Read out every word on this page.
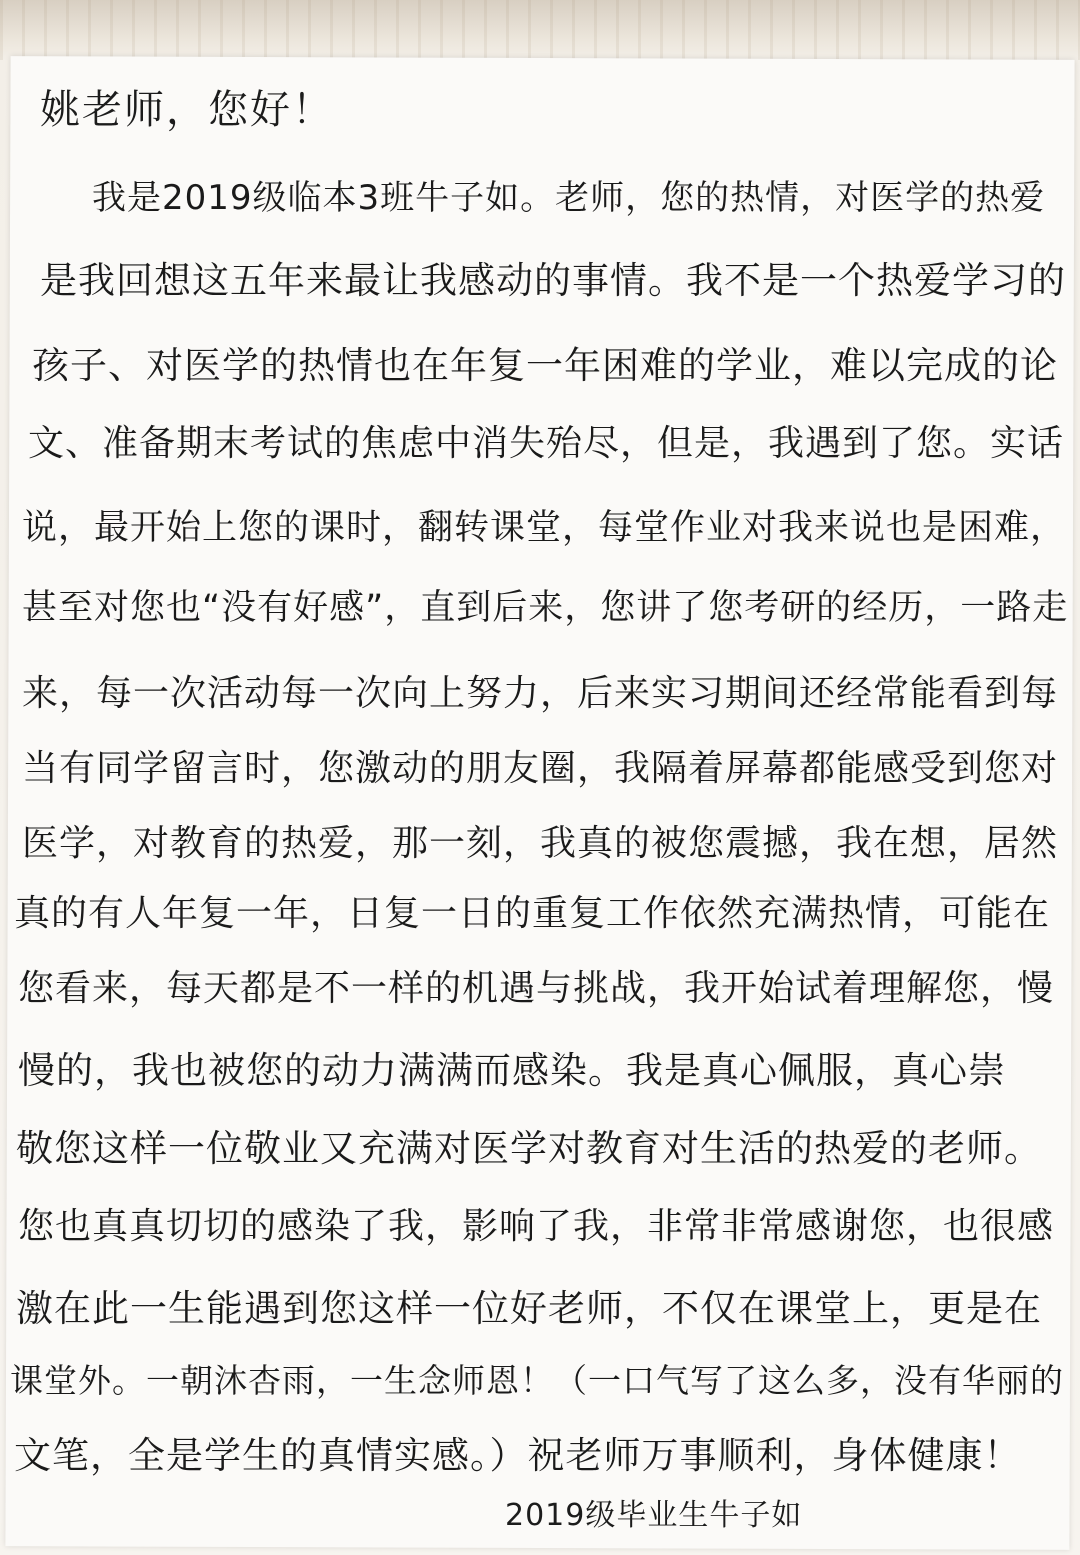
姚老师，您好！
我是2019级临本3班牛子如。老师，您的热情，对医学的热爱
是我回想这五年来最让我感动的事情。我不是一个热爱学习的
孩子、对医学的热情也在年复一年困难的学业，难以完成的论
文、准备期末考试的焦虑中消失殆尽，但是，我遇到了您。实话
说，最开始上您的课时，翻转课堂，每堂作业对我来说也是困难，
甚至对您也“没有好感”，直到后来，您讲了您考研的经历，一路走
来，每一次活动每一次向上努力，后来实习期间还经常能看到每
当有同学留言时，您激动的朋友圈，我隔着屏幕都能感受到您对
医学，对教育的热爱，那一刻，我真的被您震撼，我在想，居然
真的有人年复一年，日复一日的重复工作依然充满热情，可能在
您看来，每天都是不一样的机遇与挑战，我开始试着理解您，慢
慢的，我也被您的动力满满而感染。我是真心佩服，真心崇
敬您这样一位敬业又充满对医学对教育对生活的热爱的老师。
您也真真切切的感染了我，影响了我，非常非常感谢您，也很感
激在此一生能遇到您这样一位好老师，不仅在课堂上，更是在
课堂外。一朝沐杏雨，一生念师恩！（一口气写了这么多，没有华丽的
文笔，全是学生的真情实感。）祝老师万事顺利，身体健康！
2019级毕业生牛子如
